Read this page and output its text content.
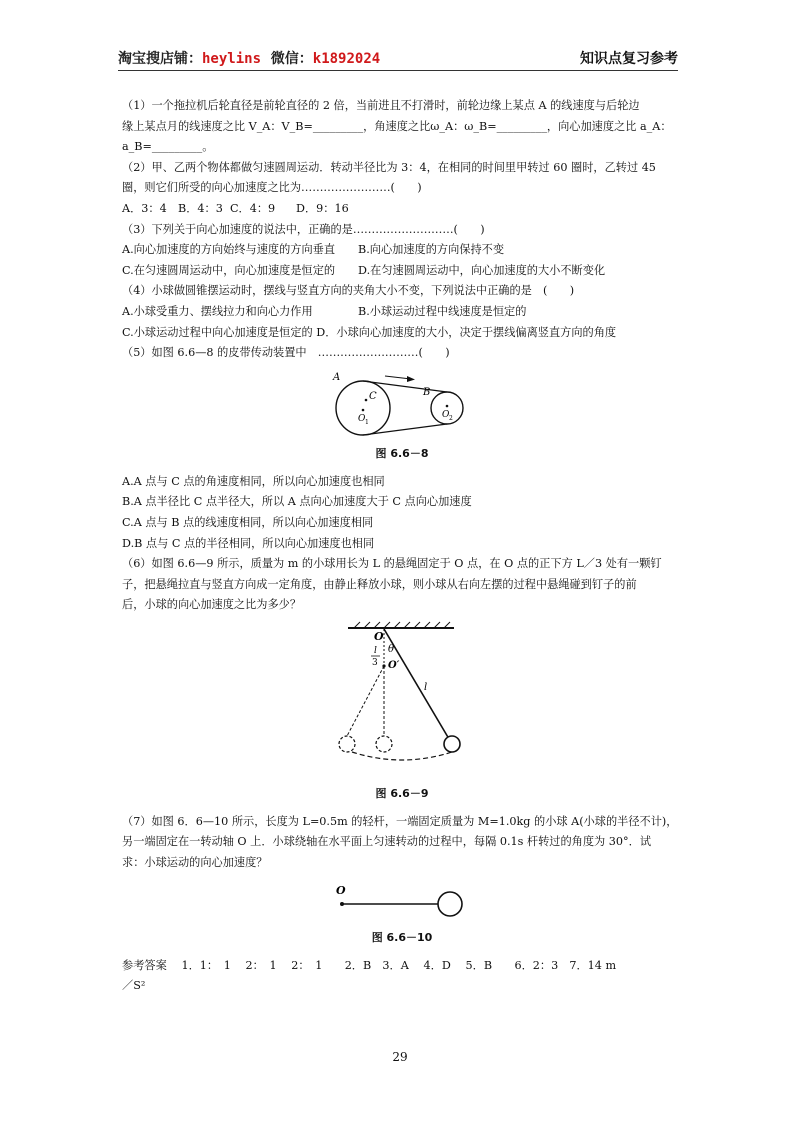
淘宝搜店铺：heylins  微信：k1892024	知识点复习参考
（1）一个拖拉机后轮直径是前轮直径的 2 倍，当前进且不打滑时，前轮边缘上某点 A 的线速度与后轮边
缘上某点月的线速度之比 V_A：V_B=_________，角速度之比ω_A：ω_B=_________，向心加速度之比 a_A：
a_B=_________。
（2）甲、乙两个物体都做匀速圆周运动．转动半径比为 3：4，在相同的时间里甲转过 60 圈时，乙转过 45
圈，则它们所受的向心加速度之比为……………………(　　)
A．3：4 B．4：3 C．4：9 D．9：16
（3）下列关于向心加速度的说法中，正确的是………………………(　　)
A.向心加速度的方向始终与速度的方向垂直 B.向心加速度的方向保持不变
C.在匀速圆周运动中，向心加速度是恒定的 D.在匀速圆周运动中，向心加速度的大小不断变化
（4）小球做圆锥摆运动时，摆线与竖直方向的夹角大小不变，下列说法中正确的是　(　　)
A.小球受重力、摆线拉力和向心力作用	B.小球运动过程中线速度是恒定的
C.小球运动过程中向心加速度是恒定的 D．小球向心加速度的大小，决定于摆线偏离竖直方向的角度
（5）如图 6.6—8 的皮带传动装置中　………………………(　　)
A
C	B
O 1
O 2
图 6.6－8
A.A 点与 C 点的角速度相同，所以向心加速度也相同
B.A 点半径比 C 点半径大，所以 A 点向心加速度大于 C 点向心加速度
C.A 点与 B 点的线速度相同，所以向心加速度相同
D.B 点与 C 点的半径相同，所以向心加速度也相同
（6）如图 6.6—9 所示，质量为 m 的小球用长为 L 的悬绳固定于 O 点，在 O 点的正下方 L／3 处有一颗钉
子，把悬绳拉直与竖直方向成一定角度，由静止释放小球，则小球从右向左摆的过程中悬绳碰到钉子的前
后，小球的向心加速度之比为多少？
O
l
3
θ
O′
l
图 6.6－9
（7）如图 6．6—10 所示，长度为 L=0.5m 的轻杆，一端固定质量为 M=1.0kg 的小球 A(小球的半径不计)，
另一端固定在一转动轴 O 上．小球绕轴在水平面上匀速转动的过程中，每隔 0.1s 杆转过的角度为 30°．试
求：小球运动的向心加速度？
O
图 6.6－10
参考答案　 1．1：　1　 2：　1　 2：　1　　2．B　3．A　 4．D　 5．B　　6．2：3　7．14 m
／S²
29
